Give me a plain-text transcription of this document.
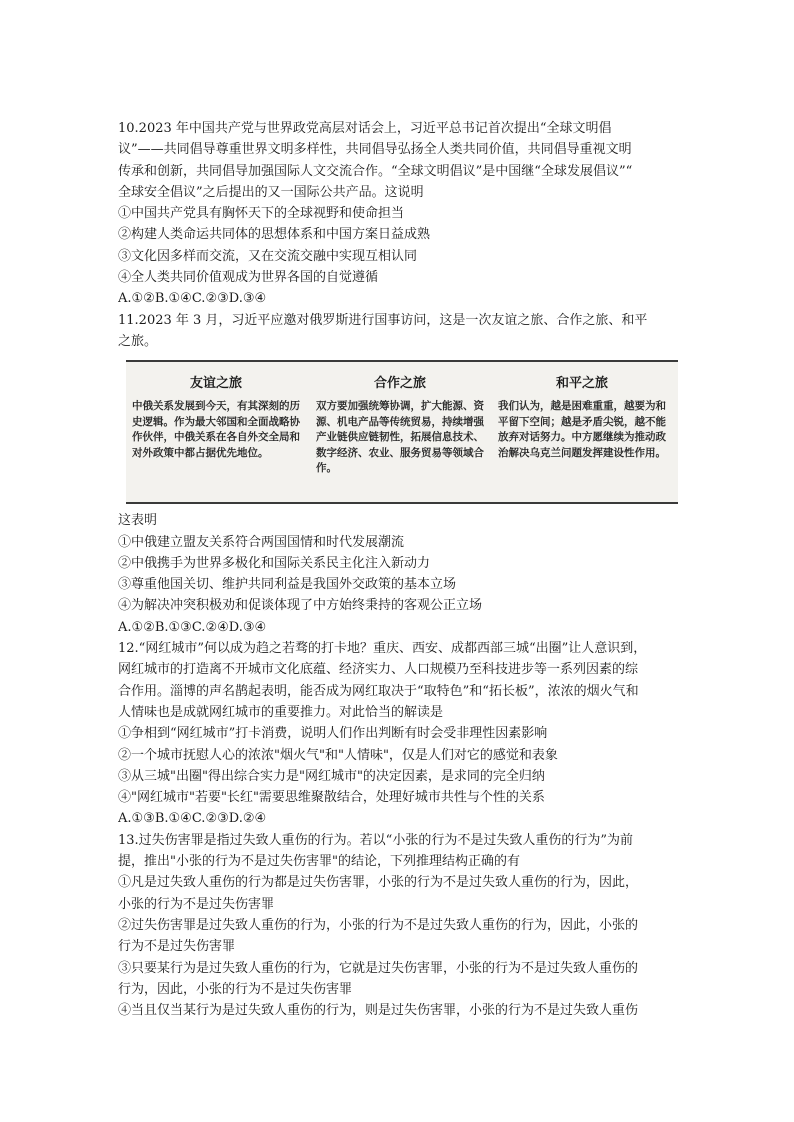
10.2023 年中国共产党与世界政党高层对话会上，习近平总书记首次提出“全球文明倡
议”——共同倡导尊重世界文明多样性，共同倡导弘扬全人类共同价值，共同倡导重视文明
传承和创新，共同倡导加强国际人文交流合作。“全球文明倡议”是中国继“全球发展倡议”“
全球安全倡议”之后提出的又一国际公共产品。这说明
①中国共产党具有胸怀天下的全球视野和使命担当
②构建人类命运共同体的思想体系和中国方案日益成熟
③文化因多样而交流，又在交流交融中实现互相认同
④全人类共同价值观成为世界各国的自觉遵循
A.①②B.①④C.②③D.③④
11.2023 年 3 月，习近平应邀对俄罗斯进行国事访问，这是一次友谊之旅、合作之旅、和平
之旅。
友谊之旅
中俄关系发展到今天，有其深刻的历史逻辑。作为最大邻国和全面战略协作伙伴，中俄关系在各自外交全局和对外政策中都占据优先地位。
合作之旅
双方要加强统筹协调，扩大能源、资源、机电产品等传统贸易，持续增强产业链供应链韧性，拓展信息技术、数字经济、农业、服务贸易等领域合作。
和平之旅
我们认为，越是困难重重，越要为和平留下空间；越是矛盾尖锐，越不能放弃对话努力。中方愿继续为推动政治解决乌克兰问题发挥建设性作用。
这表明
①中俄建立盟友关系符合两国国情和时代发展潮流
②中俄携手为世界多极化和国际关系民主化注入新动力
③尊重他国关切、维护共同利益是我国外交政策的基本立场
④为解决冲突积极劝和促谈体现了中方始终秉持的客观公正立场
A.①②B.①③C.②④D.③④
12.“网红城市”何以成为趋之若骛的打卡地？重庆、西安、成都西部三城“出圈”让人意识到，
网红城市的打造离不开城市文化底蕴、经济实力、人口规模乃至科技进步等一系列因素的综
合作用。淄博的声名鹊起表明，能否成为网红取决于“取特色”和“拓长板”，浓浓的烟火气和
人情味也是成就网红城市的重要推力。对此恰当的解读是
①争相到“网红城市”打卡消费，说明人们作出判断有时会受非理性因素影响
②一个城市抚慰人心的浓浓"烟火气"和"人情味"，仅是人们对它的感觉和表象
③从三城"出圈"得出综合实力是"网红城市"的决定因素，是求同的完全归纳
④"网红城市"若要"长红"需要思维聚散结合，处理好城市共性与个性的关系
A.①③B.①④C.②③D.②④
13.过失伤害罪是指过失致人重伤的行为。若以“小张的行为不是过失致人重伤的行为”为前
提，推出"小张的行为不是过失伤害罪"的结论，下列推理结构正确的有
①凡是过失致人重伤的行为都是过失伤害罪，小张的行为不是过失致人重伤的行为，因此，
小张的行为不是过失伤害罪
②过失伤害罪是过失致人重伤的行为，小张的行为不是过失致人重伤的行为，因此，小张的
行为不是过失伤害罪
③只要某行为是过失致人重伤的行为，它就是过失伤害罪，小张的行为不是过失致人重伤的
行为，因此，小张的行为不是过失伤害罪
④当且仅当某行为是过失致人重伤的行为，则是过失伤害罪，小张的行为不是过失致人重伤
